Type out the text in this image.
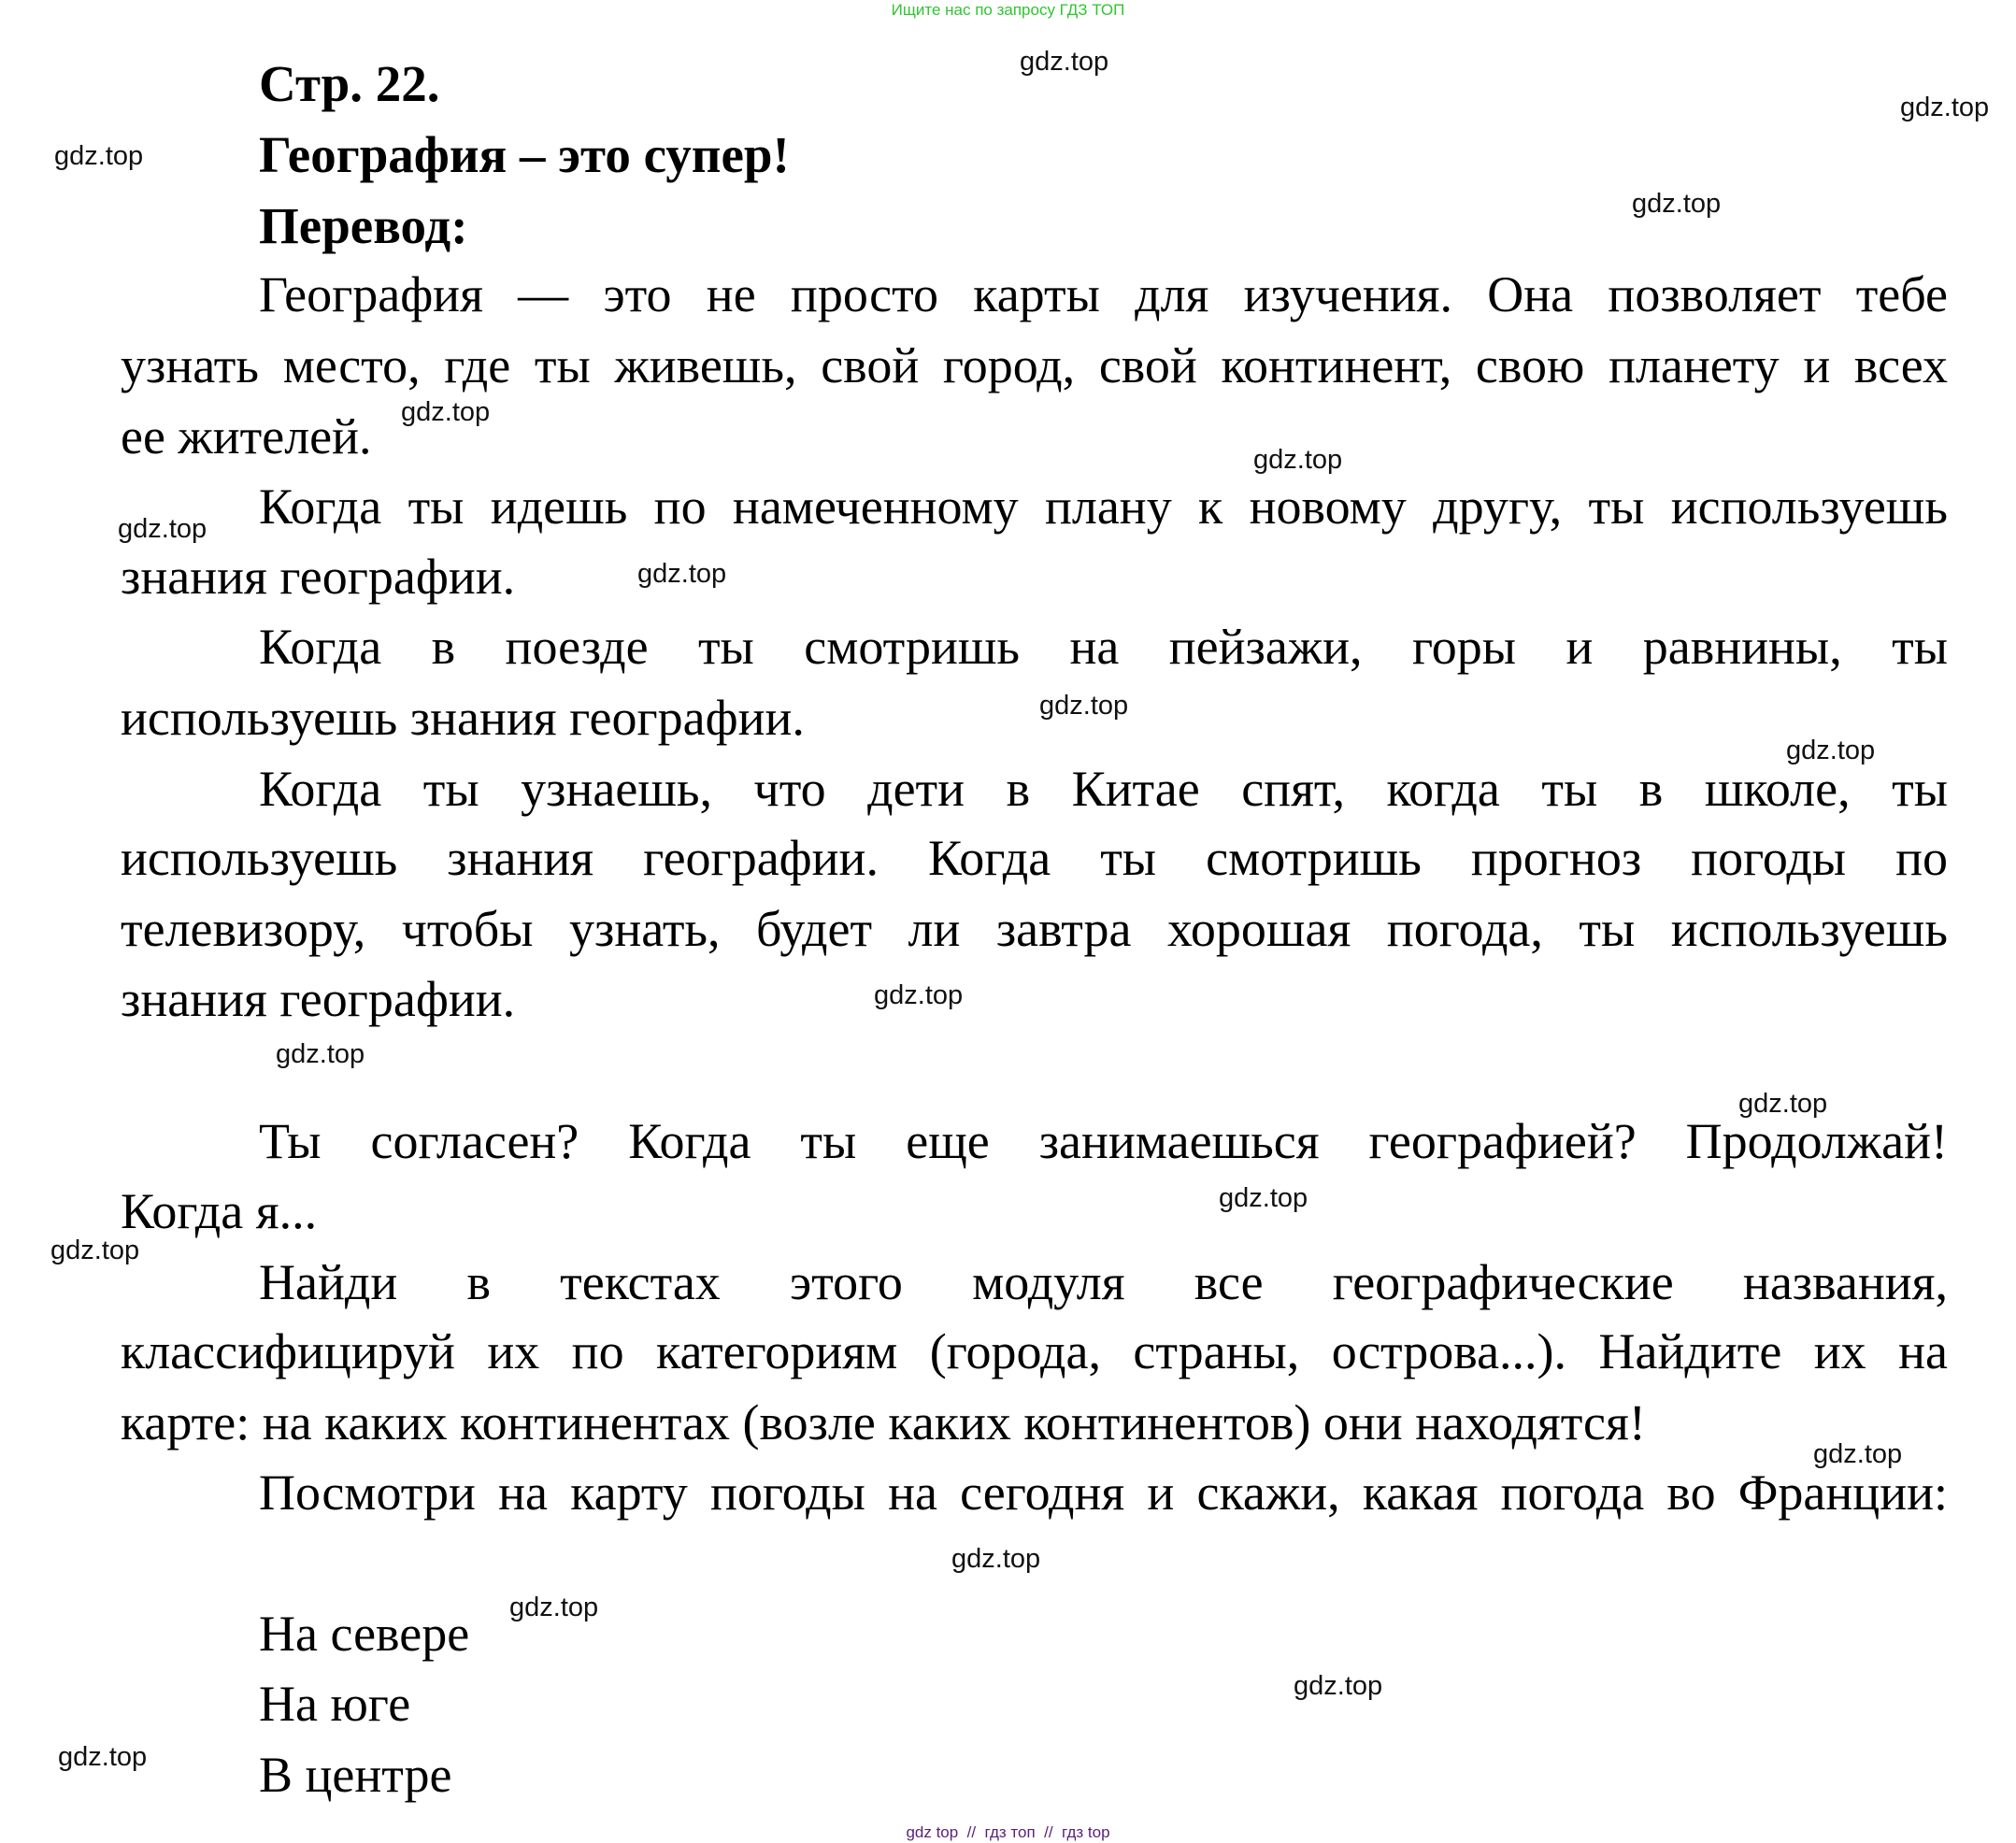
Ищите нас по запросу ГДЗ ТОП
Стр. 22.
География – это супер!
Перевод:
География — это не просто карты для изучения. Она позволяет тебе
узнать место, где ты живешь, свой город, свой континент, свою планету и всех
ее жителей.
Когда ты идешь по намеченному плану к новому другу, ты используешь
знания географии.
Когда в поезде ты смотришь на пейзажи, горы и равнины, ты
используешь знания географии.
Когда ты узнаешь, что дети в Китае спят, когда ты в школе, ты
используешь знания географии. Когда ты смотришь прогноз погоды по
телевизору, чтобы узнать, будет ли завтра хорошая погода, ты используешь
знания географии.
Ты согласен? Когда ты еще занимаешься географией? Продолжай!
Когда я...
Найди в текстах этого модуля все географические названия,
классифицируй их по категориям (города, страны, острова...). Найдите их на
карте: на каких континентах (возле каких континентов) они находятся!
Посмотри на карту погоды на сегодня и скажи, какая погода во Франции:
На севере
На юге
В центре
gdz.top
gdz.top
gdz.top
gdz.top
gdz.top
gdz.top
gdz.top
gdz.top
gdz.top
gdz.top
gdz.top
gdz.top
gdz.top
gdz.top
gdz.top
gdz.top
gdz.top
gdz.top
gdz.top
gdz.top
gdz top  //  гдз топ  //  гдз top
